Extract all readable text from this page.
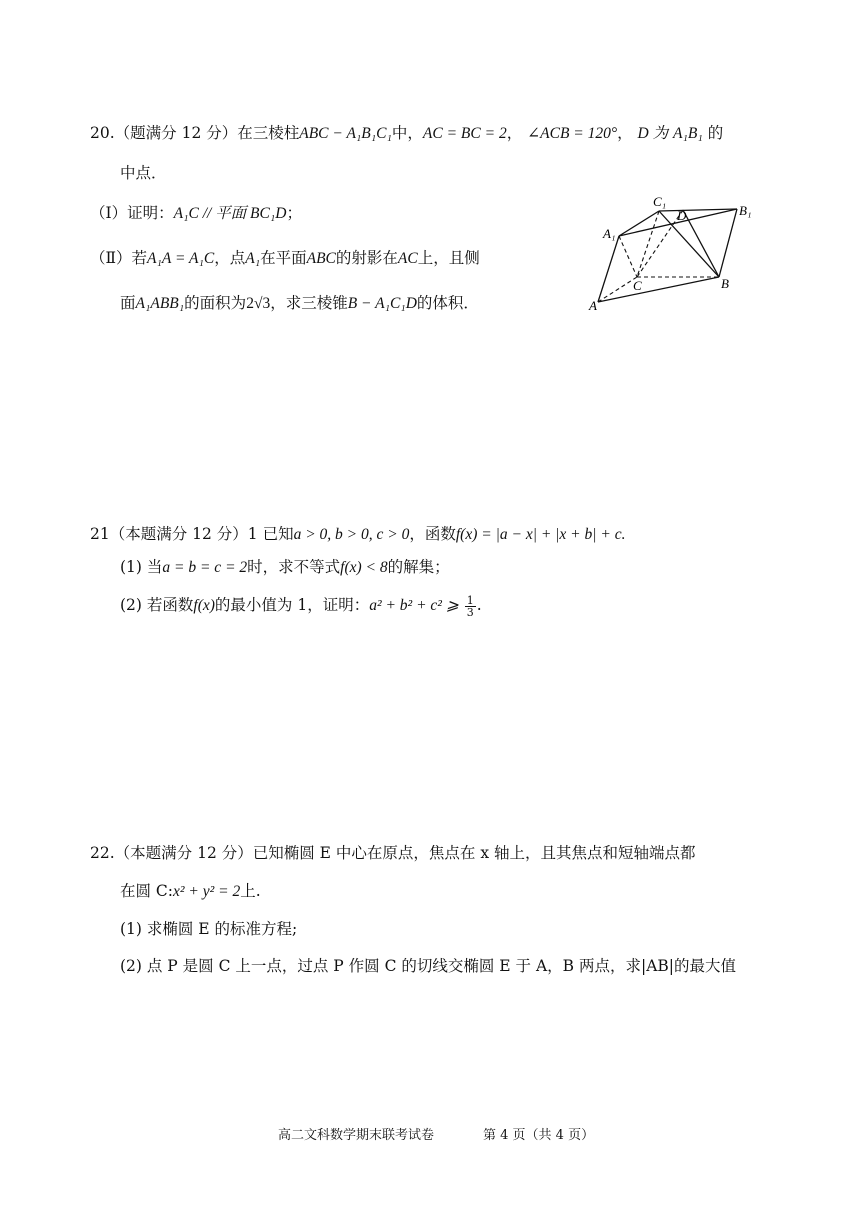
20.（题满分 12 分）在三棱柱ABC − A₁B₁C₁中，AC = BC = 2， ∠ACB = 120°， D 为 A₁B₁ 的
中点．
（Ⅰ）证明：A₁C // 平面 BC₁D；
（Ⅱ）若A₁A = A₁C，点A₁在平面ABC的射影在AC上，且侧
面A₁ABB₁的面积为2√3，求三棱锥B − A₁C₁D的体积．
C₁
D	B₁
A₁
C	B
A
21（本题满分 12 分）1 已知a > 0, b > 0, c > 0，函数f(x) = |a − x| + |x + b| + c.
(1) 当a = b = c = 2时，求不等式f(x) < 8的解集；
(2) 若函数f(x)的最小值为 1，证明：a² + b² + c² ⩾ $\frac{1}{3}$ .
22.（本题满分 12 分）已知椭圆 E 中心在原点，焦点在 x 轴上，且其焦点和短轴端点都
在圆 C:x² + y² = 2上.
(1) 求椭圆 E 的标准方程;
(2) 点 P 是圆 C 上一点，过点 P 作圆 C 的切线交椭圆 E 于 A，B 两点，求|AB|的最大值
高二文科数学期末联考试卷	第 4 页（共 4 页）
